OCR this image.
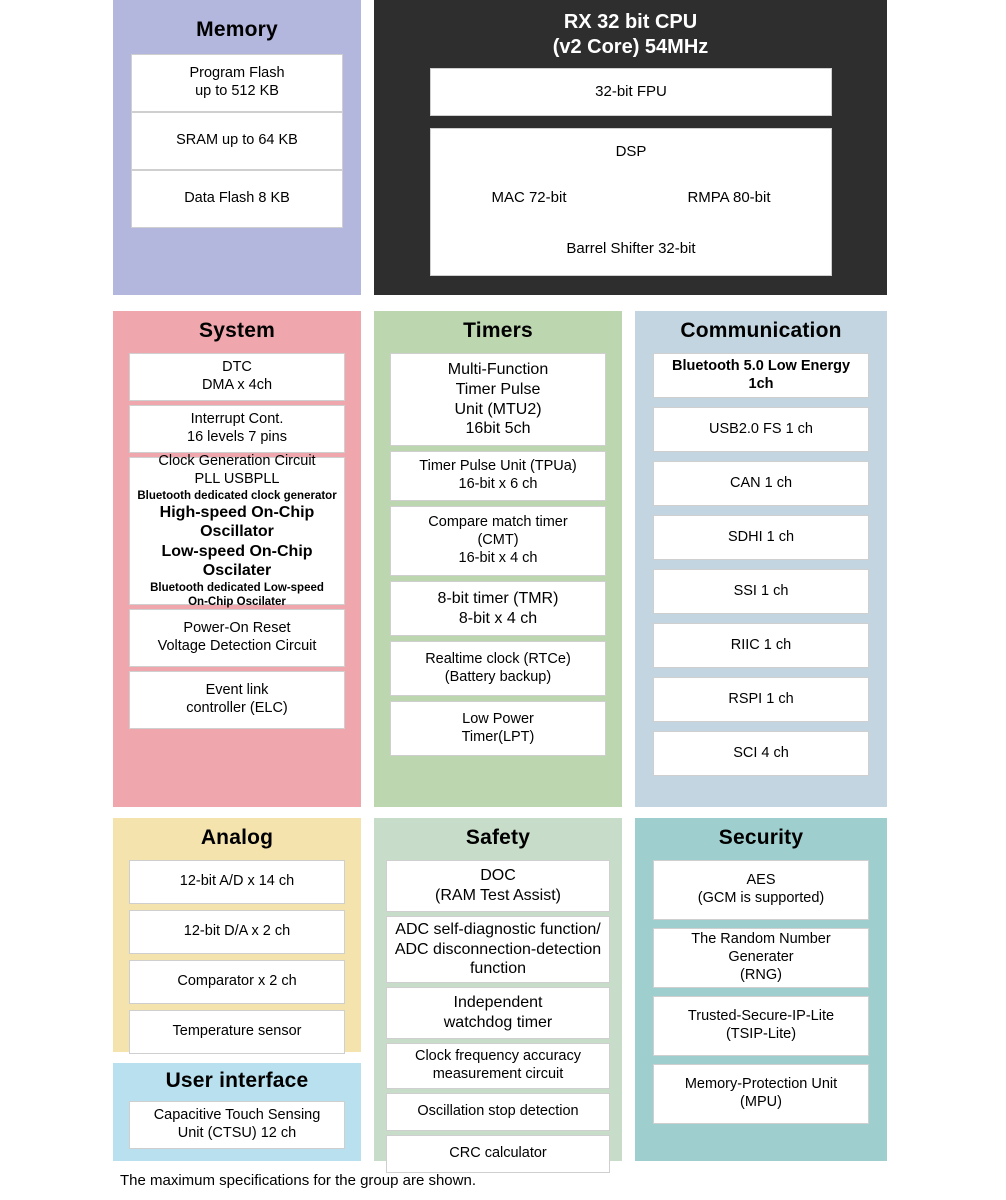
Memory
Program Flash
up to 512 KB
SRAM up to 64 KB
Data Flash 8 KB
RX 32 bit CPU
(v2 Core) 54MHz
32-bit FPU
DSP
MAC 72-bit	RMPA 80-bit
Barrel Shifter 32-bit
System
DTC
DMA x 4ch
Interrupt Cont.
16 levels 7 pins
Clock Generation Circuit
PLL USBPLL
Bluetooth dedicated clock generator
High-speed On-Chip Oscillator
Low-speed On-Chip Oscilater
Bluetooth dedicated Low-speed
On-Chip Oscilater
Power-On Reset
Voltage Detection Circuit
Event link
controller (ELC)
Timers
Multi-Function
Timer Pulse
Unit (MTU2)
16bit 5ch
Timer Pulse Unit (TPUa)
16-bit x 6 ch
Compare match timer
(CMT)
16-bit x 4 ch
8-bit timer (TMR)
8-bit x 4 ch
Realtime clock (RTCe)
(Battery backup)
Low Power
Timer(LPT)
Communication
Bluetooth 5.0 Low Energy
1ch
USB2.0 FS 1 ch
CAN 1 ch
SDHI 1 ch
SSI 1 ch
RIIC 1 ch
RSPI 1 ch
SCI 4 ch
Analog
12-bit A/D x 14 ch
12-bit D/A x 2 ch
Comparator x 2 ch
Temperature sensor
Safety
DOC
(RAM Test Assist)
ADC self-diagnostic function/
ADC disconnection-detection
function
Independent
watchdog timer
Clock frequency accuracy
measurement circuit
Oscillation stop detection
CRC calculator
Security
AES
(GCM is supported)
The Random Number Generater
(RNG)
Trusted-Secure-IP-Lite
(TSIP-Lite)
Memory-Protection Unit
(MPU)
User interface
Capacitive Touch Sensing
Unit (CTSU) 12 ch
The maximum specifications for the group are shown.
